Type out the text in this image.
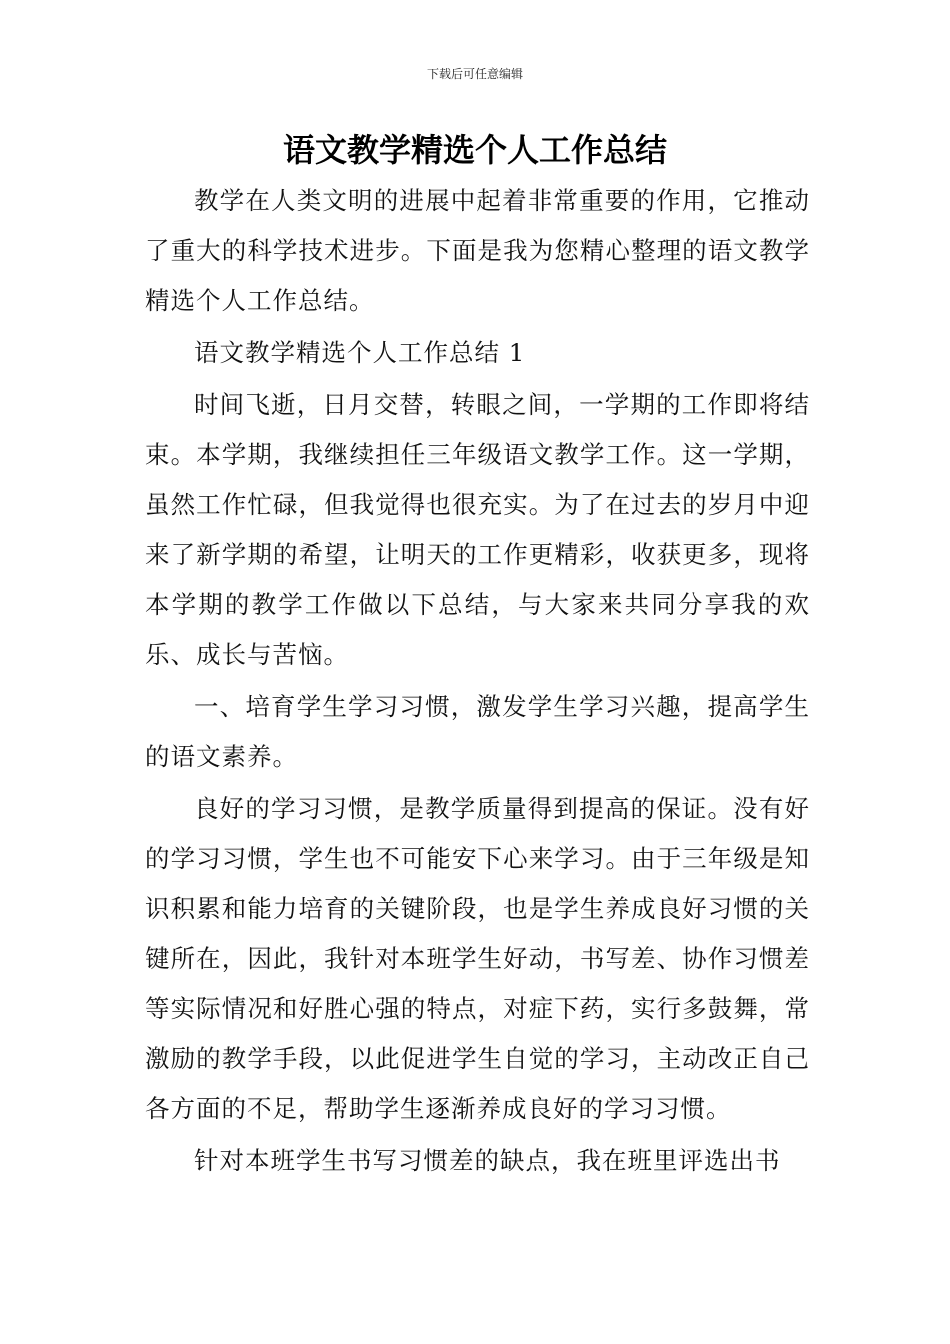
下载后可任意编辑
语文教学精选个人工作总结

教学在人类文明的进展中起着非常重要的作用，它推动了重大的科学技术进步。下面是我为您精心整理的语文教学精选个人工作总结。

语文教学精选个人工作总结 1

时间飞逝，日月交替，转眼之间，一学期的工作即将结束。本学期，我继续担任三年级语文教学工作。这一学期，虽然工作忙碌，但我觉得也很充实。为了在过去的岁月中迎来了新学期的希望，让明天的工作更精彩，收获更多，现将本学期的教学工作做以下总结，与大家来共同分享我的欢乐、成长与苦恼。

一、培育学生学习习惯，激发学生学习兴趣，提高学生的语文素养。

良好的学习习惯，是教学质量得到提高的保证。没有好的学习习惯，学生也不可能安下心来学习。由于三年级是知识积累和能力培育的关键阶段，也是学生养成良好习惯的关键所在，因此，我针对本班学生好动，书写差、协作习惯差等实际情况和好胜心强的特点，对症下药，实行多鼓舞，常激励的教学手段，以此促进学生自觉的学习，主动改正自己各方面的不足，帮助学生逐渐养成良好的学习习惯。

针对本班学生书写习惯差的缺点，我在班里评选出书
